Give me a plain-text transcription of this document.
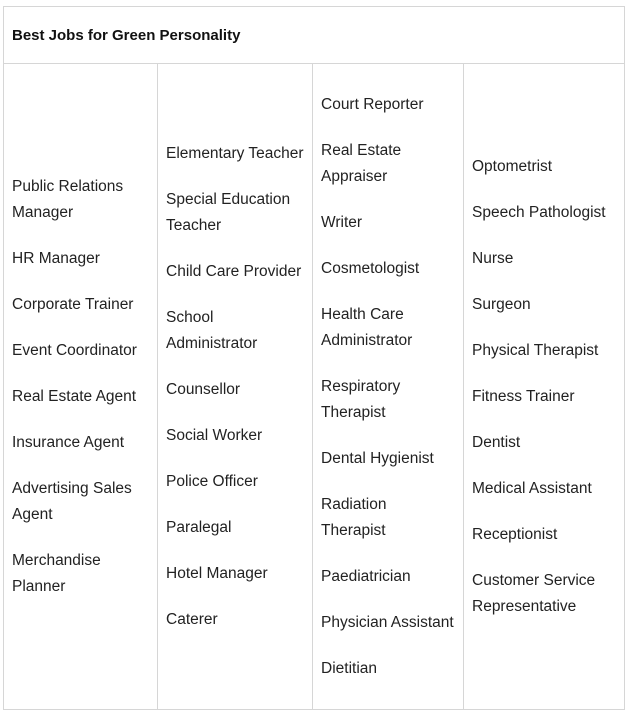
Best Jobs for Green Personality
Public Relations Manager
HR Manager
Corporate Trainer
Event Coordinator
Real Estate Agent
Insurance Agent
Advertising Sales Agent
Merchandise Planner
Elementary Teacher
Special Education Teacher
Child Care Provider
School Administrator
Counsellor
Social Worker
Police Officer
Paralegal
Hotel Manager
Caterer
Court Reporter
Real Estate Appraiser
Writer
Cosmetologist
Health Care Administrator
Respiratory Therapist
Dental Hygienist
Radiation Therapist
Paediatrician
Physician Assistant
Dietitian
Optometrist
Speech Pathologist
Nurse
Surgeon
Physical Therapist
Fitness Trainer
Dentist
Medical Assistant
Receptionist
Customer Service Representative
